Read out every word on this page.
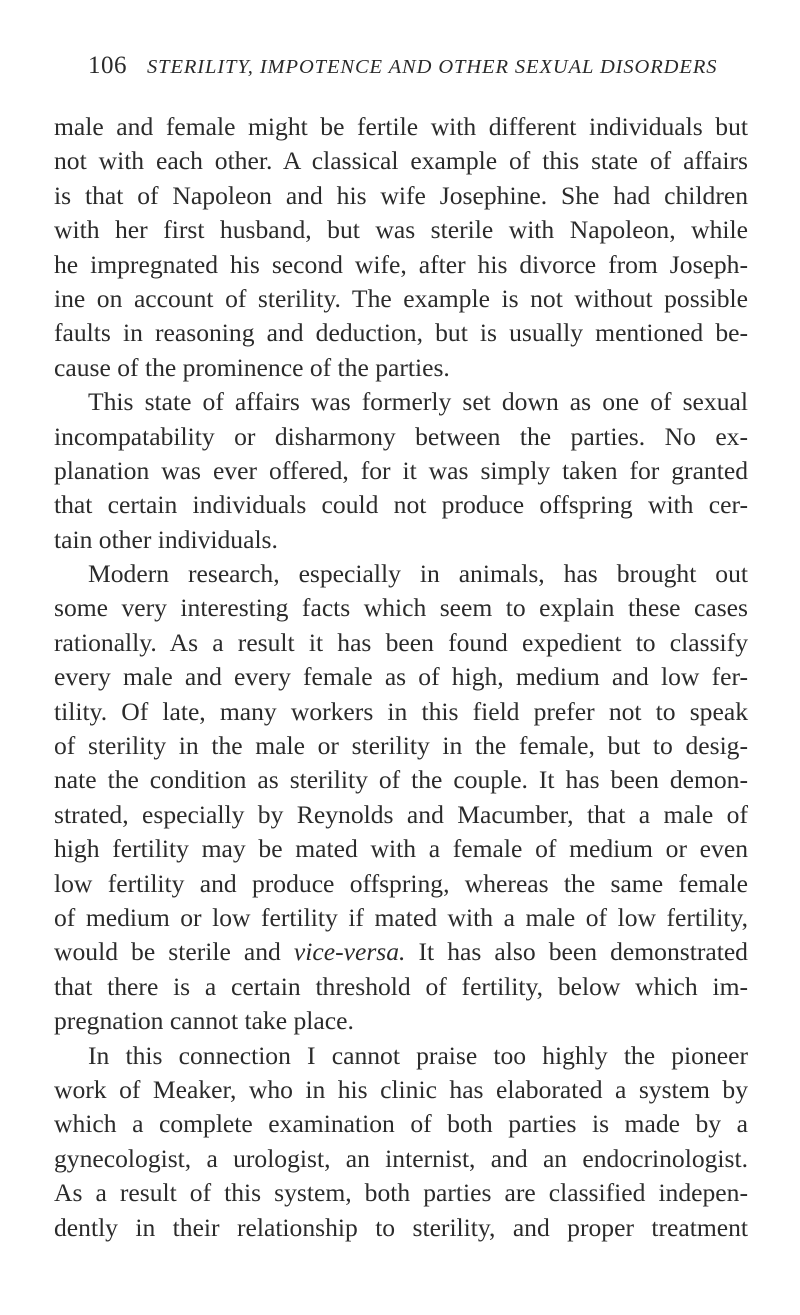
106 STERILITY, IMPOTENCE AND OTHER SEXUAL DISORDERS

male and female might be fertile with different individuals but
not with each other. A classical example of this state of affairs
is that of Napoleon and his wife Josephine. She had children
with her first husband, but was sterile with Napoleon, while
he impregnated his second wife, after his divorce from Joseph-
ine on account of sterility. The example is not without possible
faults in reasoning and deduction, but is usually mentioned be-
cause of the prominence of the parties.

This state of affairs was formerly set down as one of sexual
incompatability or disharmony between the parties. No ex-
planation was ever offered, for it was simply taken for granted
that certain individuals could not produce offspring with cer-
tain other individuals.

Modern research, especially in animals, has brought out
some very interesting facts which seem to explain these cases
rationally. As a result it has been found expedient to classify
every male and every female as of high, medium and low fer-
tility. Of late, many workers in this field prefer not to speak
of sterility in the male or sterility in the female, but to desig-
nate the condition as sterility of the couple. It has been demon-
strated, especially by Reynolds and Macumber, that a male of
high fertility may be mated with a female of medium or even
low fertility and produce offspring, whereas the same female
of medium or low fertility if mated with a male of low fertility,
would be sterile and vice-versa. It has also been demonstrated
that there is a certain threshold of fertility, below which im-
pregnation cannot take place.

In this connection I cannot praise too highly the pioneer
work of Meaker, who in his clinic has elaborated a system by
which a complete examination of both parties is made by a
gynecologist, a urologist, an internist, and an endocrinologist.
As a result of this system, both parties are classified indepen-
dently in their relationship to sterility, and proper treatment
